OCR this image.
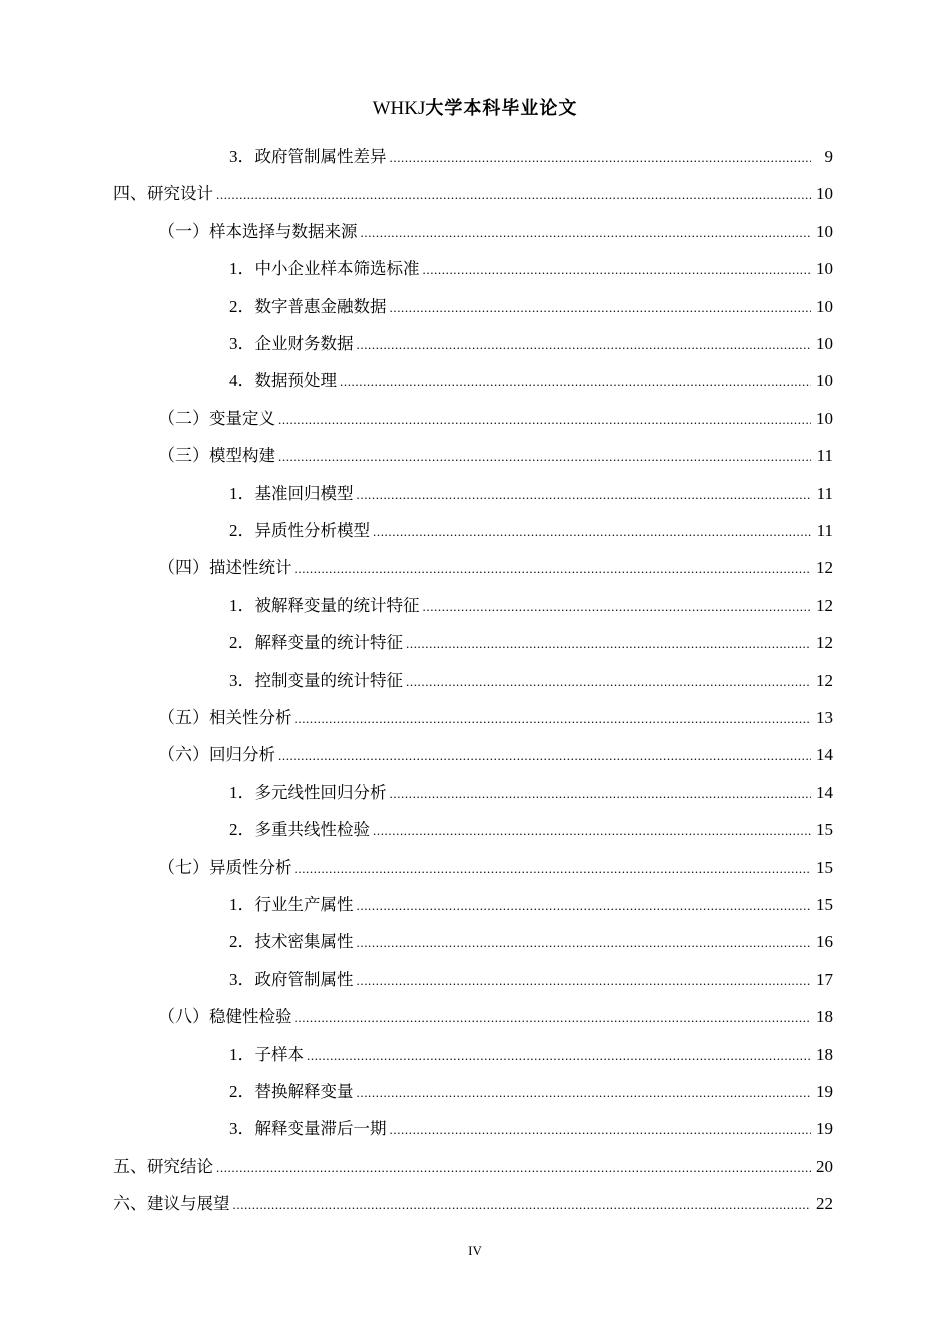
WHKJ大学本科毕业论文
3． 政府管制属性差异 .....	9
四、 研究设计 .....	10
（一） 样本选择与数据来源 .....	10
1． 中小企业样本筛选标准 .....	10
2． 数字普惠金融数据 .....	10
3． 企业财务数据 .....	10
4． 数据预处理 .....	10
（二） 变量定义 .....	10
（三） 模型构建 .....	11
1． 基准回归模型 .....	11
2． 异质性分析模型 .....	11
（四） 描述性统计 .....	12
1． 被解释变量的统计特征 .....	12
2． 解释变量的统计特征 .....	12
3． 控制变量的统计特征 .....	12
（五） 相关性分析 .....	13
（六） 回归分析 .....	14
1． 多元线性回归分析 .....	14
2． 多重共线性检验 .....	15
（七） 异质性分析 .....	15
1． 行业生产属性 .....	15
2． 技术密集属性 .....	16
3． 政府管制属性 .....	17
（八） 稳健性检验 .....	18
1． 子样本 .....	18
2． 替换解释变量 .....	19
3． 解释变量滞后一期 .....	19
五、 研究结论 .....	20
六、 建议与展望 .....	22
IV
